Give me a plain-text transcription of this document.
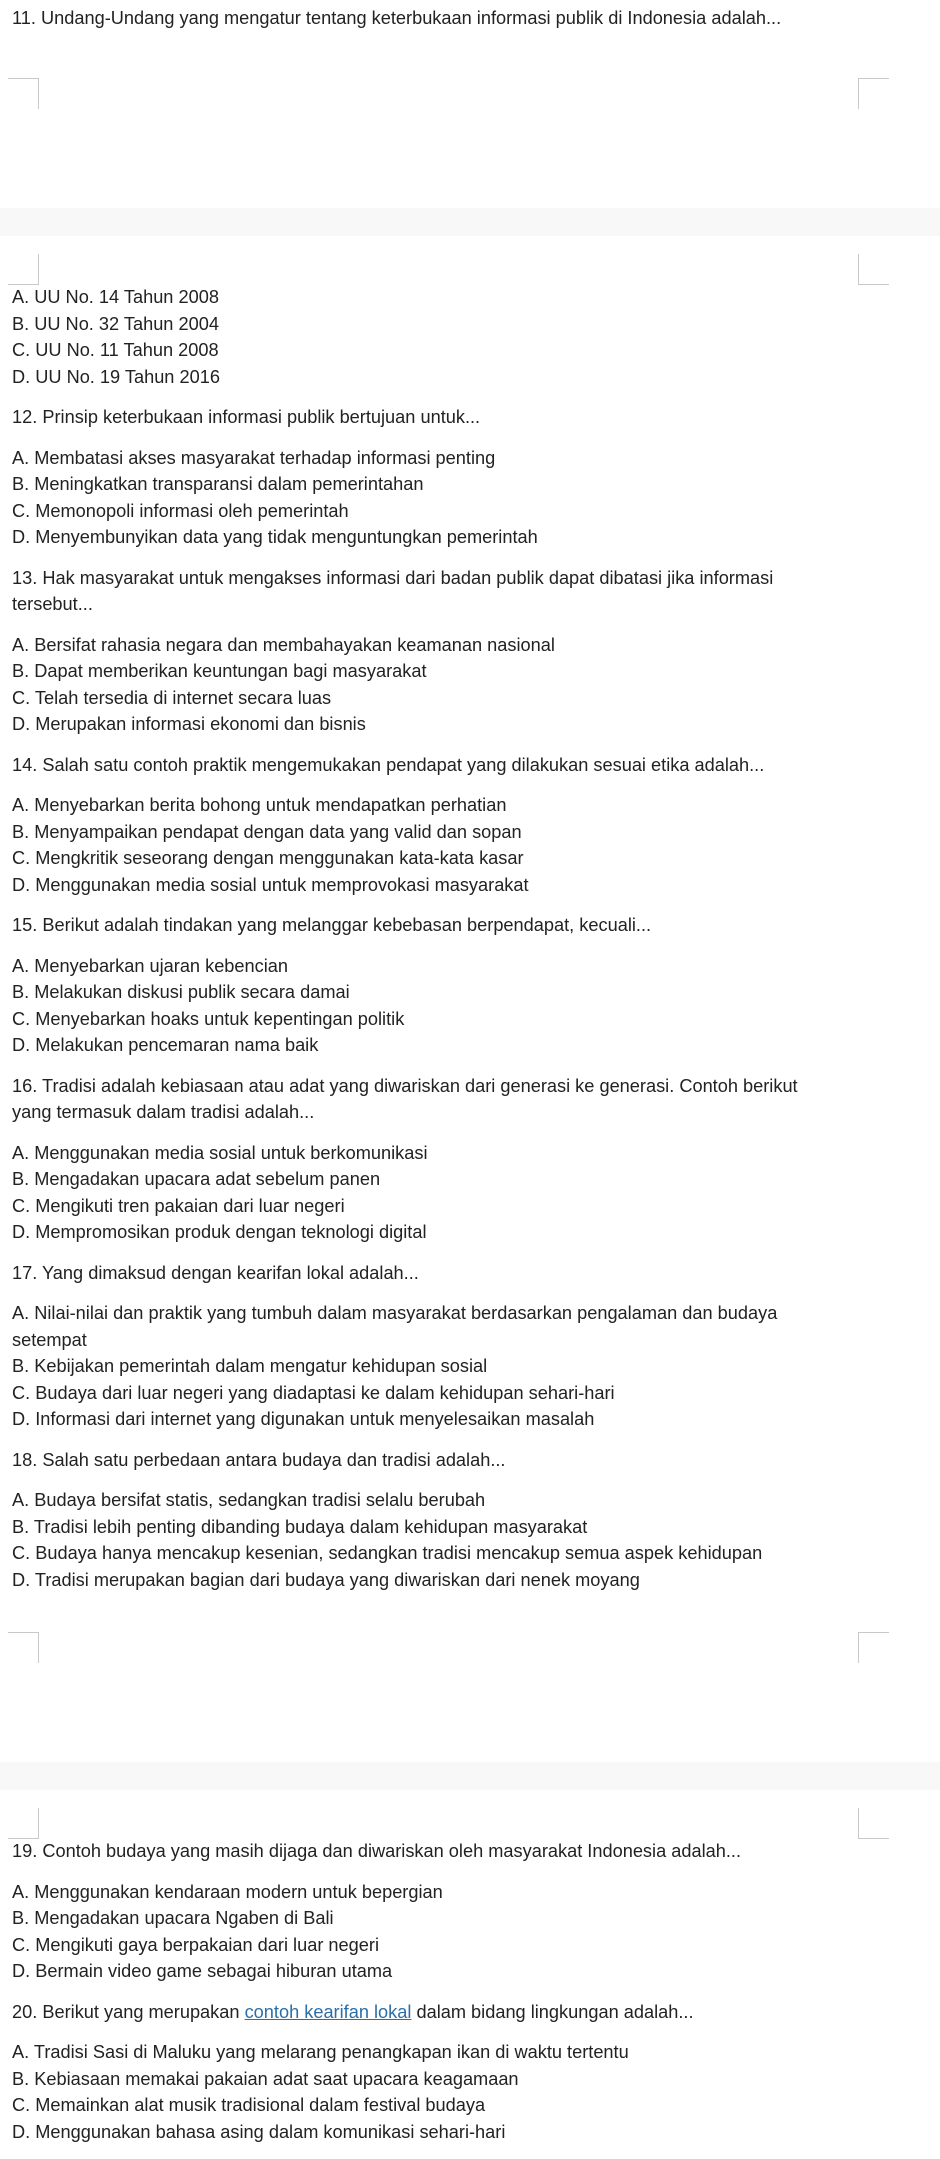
11. Undang-Undang yang mengatur tentang keterbukaan informasi publik di Indonesia adalah...
A. UU No. 14 Tahun 2008
B. UU No. 32 Tahun 2004
C. UU No. 11 Tahun 2008
D. UU No. 19 Tahun 2016
12. Prinsip keterbukaan informasi publik bertujuan untuk...
A. Membatasi akses masyarakat terhadap informasi penting
B. Meningkatkan transparansi dalam pemerintahan
C. Memonopoli informasi oleh pemerintah
D. Menyembunyikan data yang tidak menguntungkan pemerintah
13. Hak masyarakat untuk mengakses informasi dari badan publik dapat dibatasi jika informasi
tersebut...
A. Bersifat rahasia negara dan membahayakan keamanan nasional
B. Dapat memberikan keuntungan bagi masyarakat
C. Telah tersedia di internet secara luas
D. Merupakan informasi ekonomi dan bisnis
14. Salah satu contoh praktik mengemukakan pendapat yang dilakukan sesuai etika adalah...
A. Menyebarkan berita bohong untuk mendapatkan perhatian
B. Menyampaikan pendapat dengan data yang valid dan sopan
C. Mengkritik seseorang dengan menggunakan kata-kata kasar
D. Menggunakan media sosial untuk memprovokasi masyarakat
15. Berikut adalah tindakan yang melanggar kebebasan berpendapat, kecuali...
A. Menyebarkan ujaran kebencian
B. Melakukan diskusi publik secara damai
C. Menyebarkan hoaks untuk kepentingan politik
D. Melakukan pencemaran nama baik
16. Tradisi adalah kebiasaan atau adat yang diwariskan dari generasi ke generasi. Contoh berikut
yang termasuk dalam tradisi adalah...
A. Menggunakan media sosial untuk berkomunikasi
B. Mengadakan upacara adat sebelum panen
C. Mengikuti tren pakaian dari luar negeri
D. Mempromosikan produk dengan teknologi digital
17. Yang dimaksud dengan kearifan lokal adalah...
A. Nilai-nilai dan praktik yang tumbuh dalam masyarakat berdasarkan pengalaman dan budaya
setempat
B. Kebijakan pemerintah dalam mengatur kehidupan sosial
C. Budaya dari luar negeri yang diadaptasi ke dalam kehidupan sehari-hari
D. Informasi dari internet yang digunakan untuk menyelesaikan masalah
18. Salah satu perbedaan antara budaya dan tradisi adalah...
A. Budaya bersifat statis, sedangkan tradisi selalu berubah
B. Tradisi lebih penting dibanding budaya dalam kehidupan masyarakat
C. Budaya hanya mencakup kesenian, sedangkan tradisi mencakup semua aspek kehidupan
D. Tradisi merupakan bagian dari budaya yang diwariskan dari nenek moyang
19. Contoh budaya yang masih dijaga dan diwariskan oleh masyarakat Indonesia adalah...
A. Menggunakan kendaraan modern untuk bepergian
B. Mengadakan upacara Ngaben di Bali
C. Mengikuti gaya berpakaian dari luar negeri
D. Bermain video game sebagai hiburan utama
20. Berikut yang merupakan contoh kearifan lokal dalam bidang lingkungan adalah...
A. Tradisi Sasi di Maluku yang melarang penangkapan ikan di waktu tertentu
B. Kebiasaan memakai pakaian adat saat upacara keagamaan
C. Memainkan alat musik tradisional dalam festival budaya
D. Menggunakan bahasa asing dalam komunikasi sehari-hari
